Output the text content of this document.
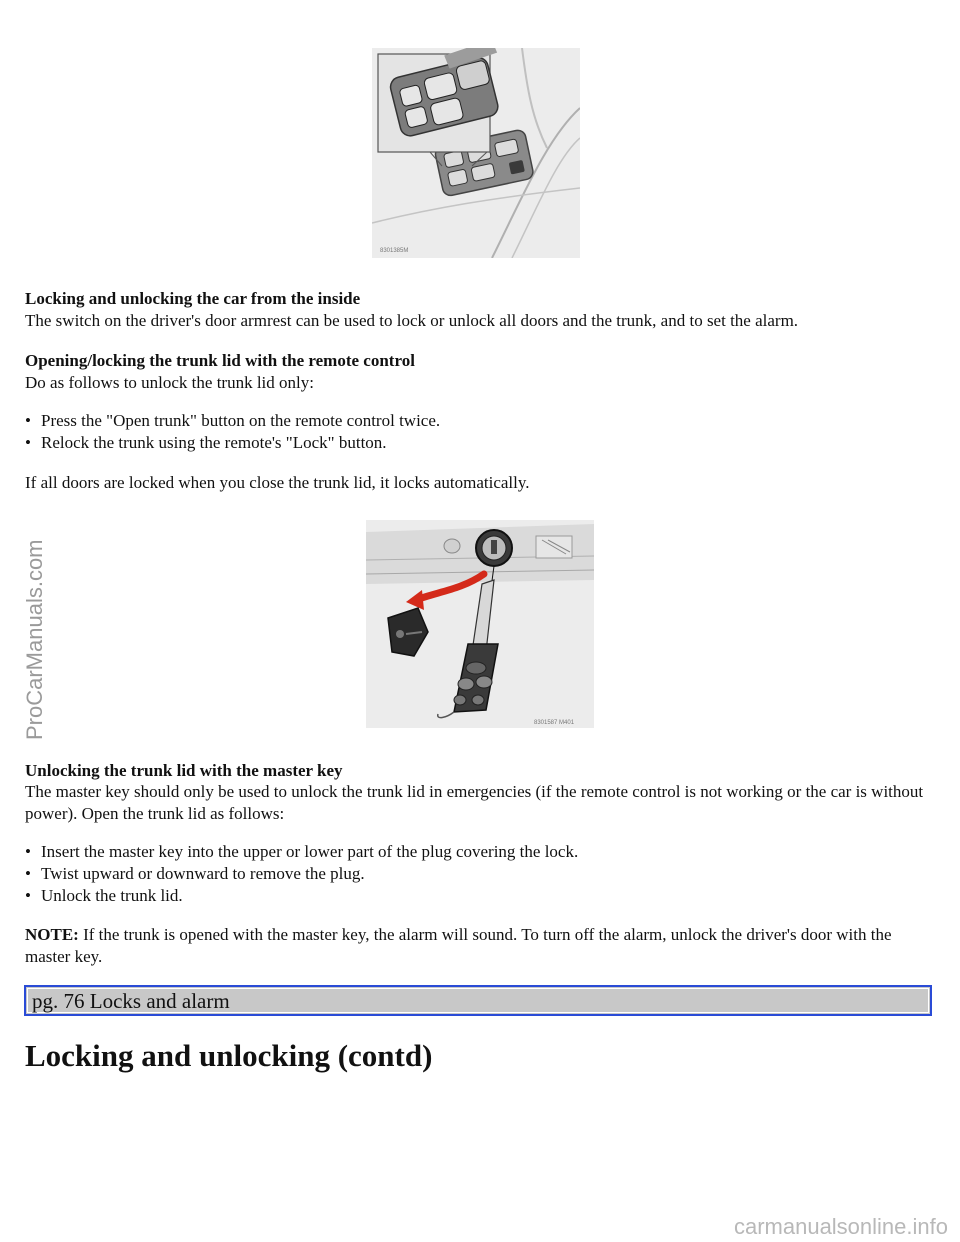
8301385M
Locking and unlocking the car from the inside
The switch on the driver's door armrest can be used to lock or unlock all doors and the trunk, and to set the alarm.
Opening/locking the trunk lid with the remote control
Do as follows to unlock the trunk lid only:
• Press the "Open trunk" button on the remote control twice.
• Relock the trunk using the remote's "Lock" button.
If all doors are locked when you close the trunk lid, it locks automatically.
8301587 M401
Unlocking the trunk lid with the master key
The master key should only be used to unlock the trunk lid in emergencies (if the remote control is not working or the car is without power). Open the trunk lid as follows:
• Insert the master key into the upper or lower part of the plug covering the lock.
• Twist upward or downward to remove the plug.
• Unlock the trunk lid.
NOTE: If the trunk is opened with the master key, the alarm will sound. To turn off the alarm, unlock the driver's door with the master key.
pg. 76 Locks and alarm
Locking and unlocking (contd)
ProCarManuals.com
carmanualsonline.info
